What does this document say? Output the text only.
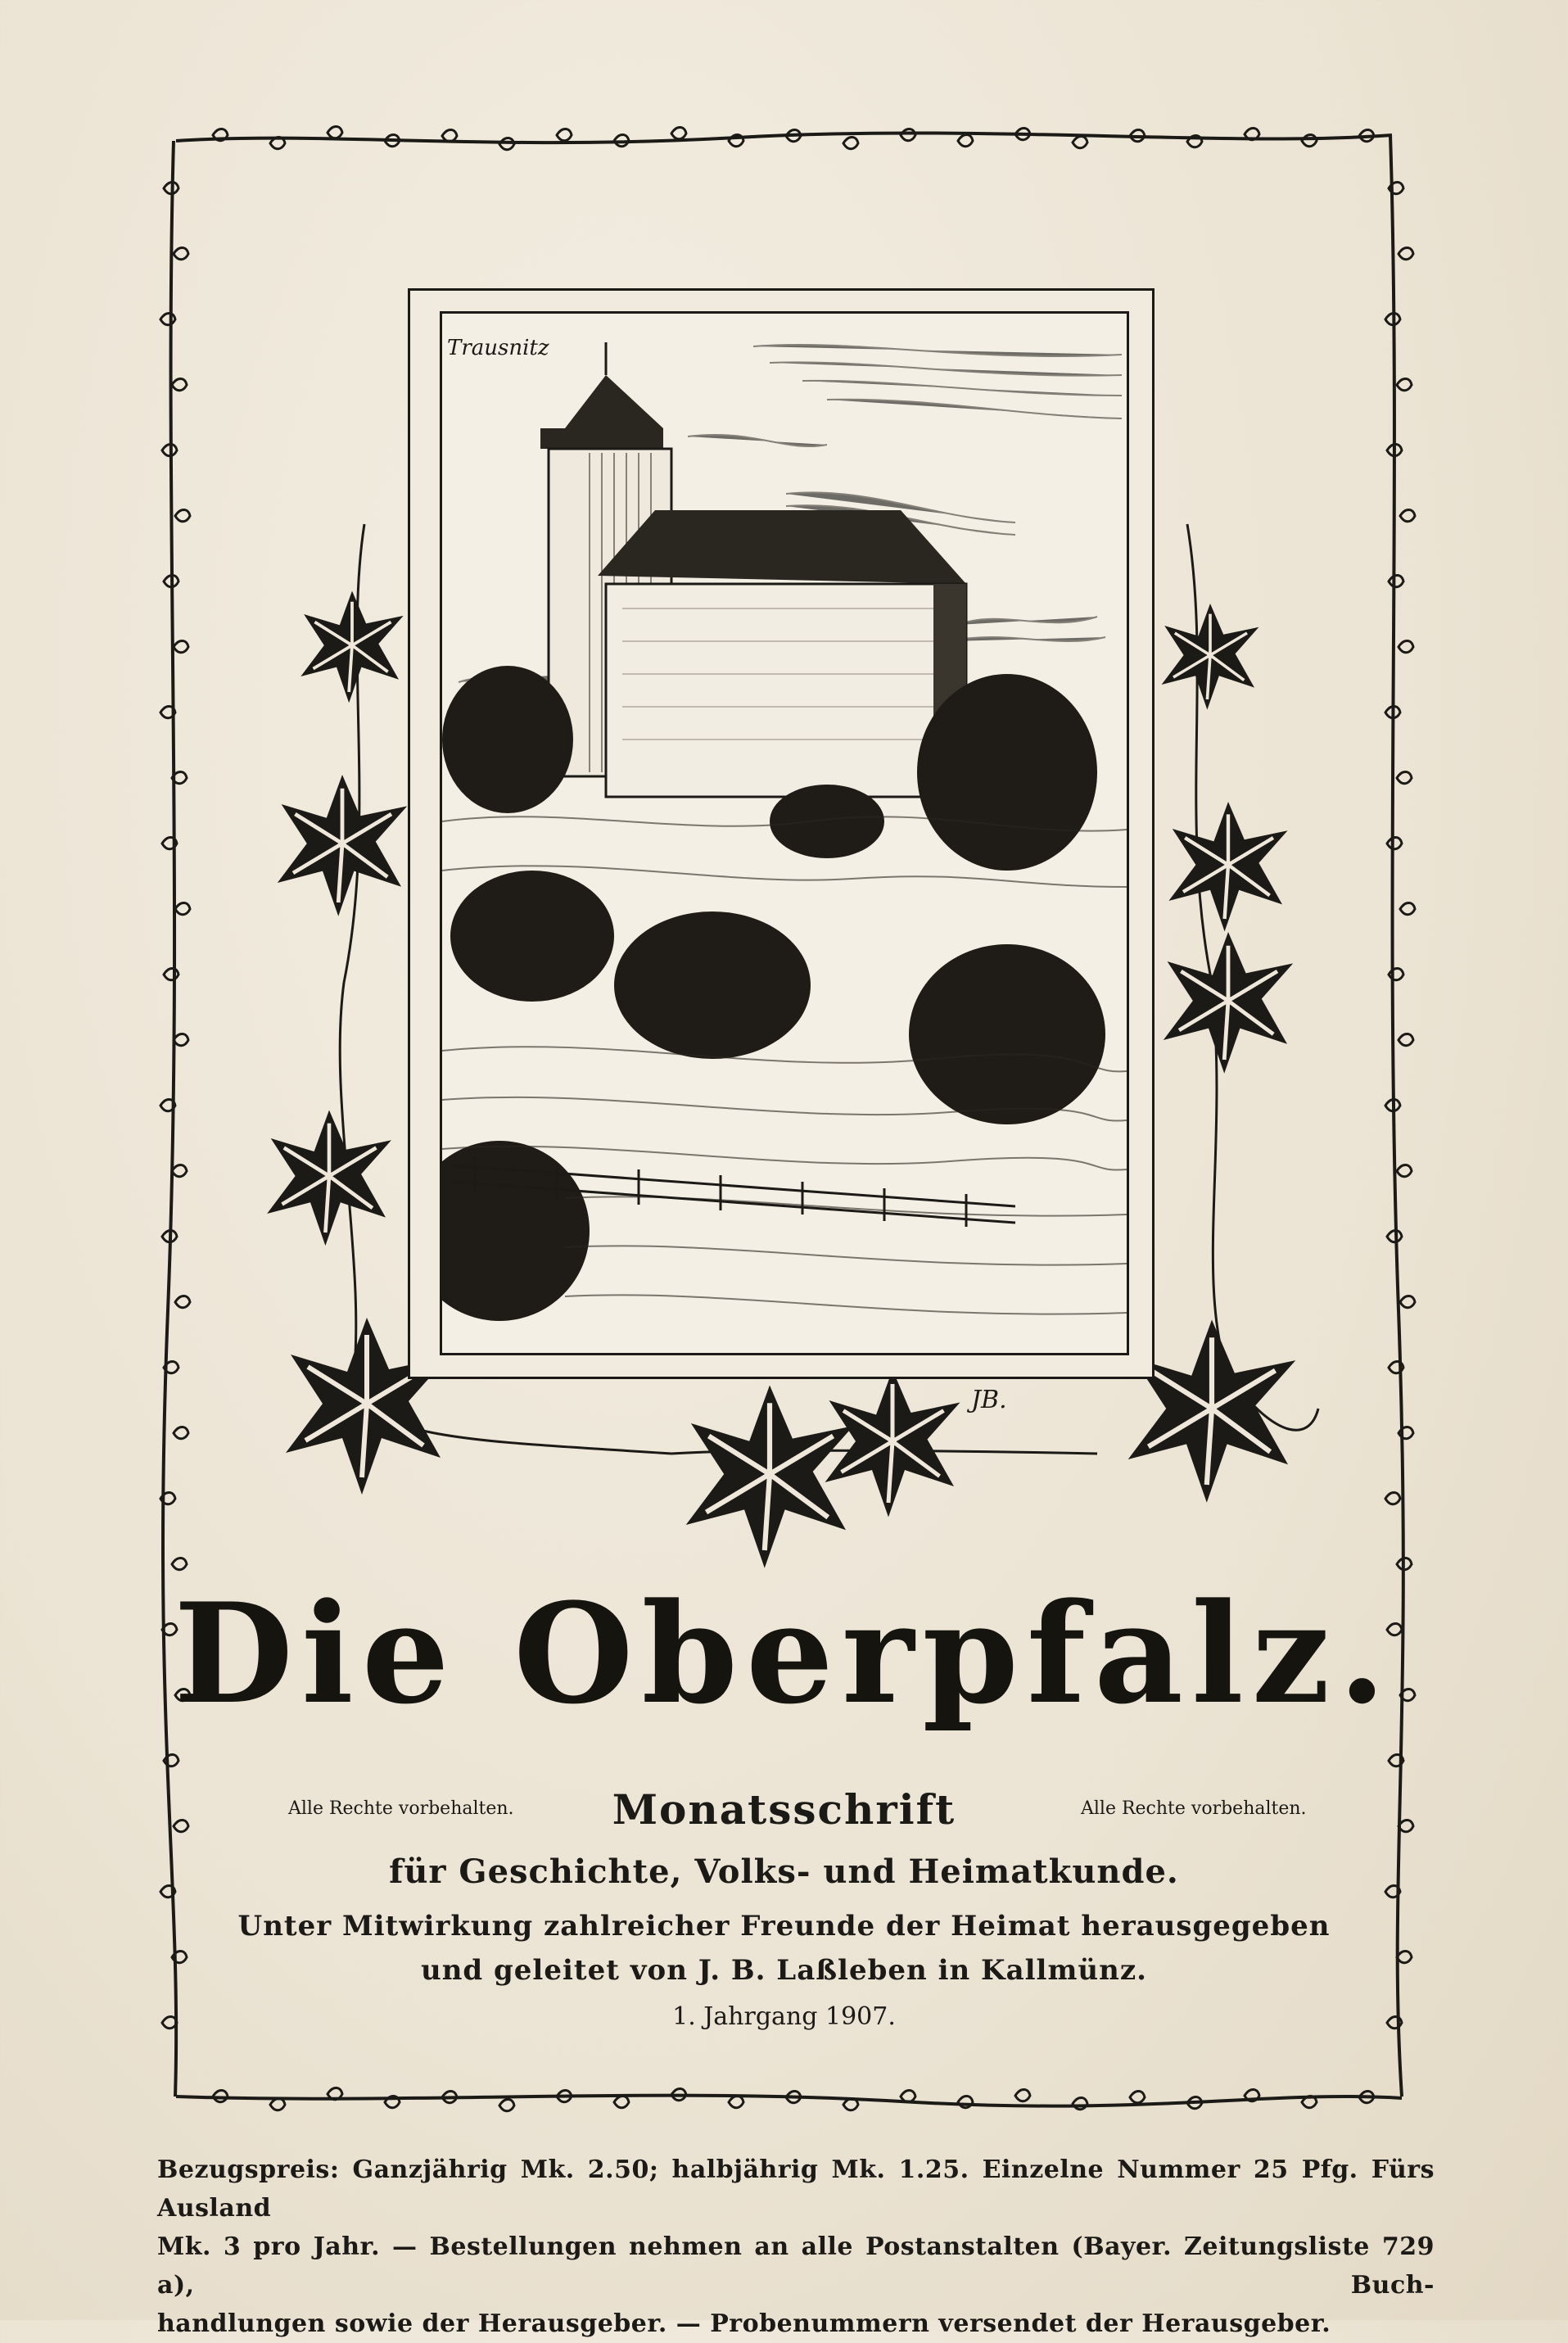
Trausnitz
JB.
Die Oberpfalz.
Alle Rechte vorbehalten.	Alle Rechte vorbehalten.
Monatsschrift
für Geschichte, Volks- und Heimatkunde.
Unter Mitwirkung zahlreicher Freunde der Heimat herausgegeben
und geleitet von J. B. Laßleben in Kallmünz.
1. Jahrgang 1907.
Bezugspreis: Ganzjährig Mk. 2.50; halbjährig Mk. 1.25. Einzelne Nummer 25 Pfg. Fürs Ausland
Mk. 3 pro Jahr. — Bestellungen nehmen an alle Postanstalten (Bayer. Zeitungsliste 729 a), Buch-
handlungen sowie der Herausgeber. — Probenummern versendet der Herausgeber.
